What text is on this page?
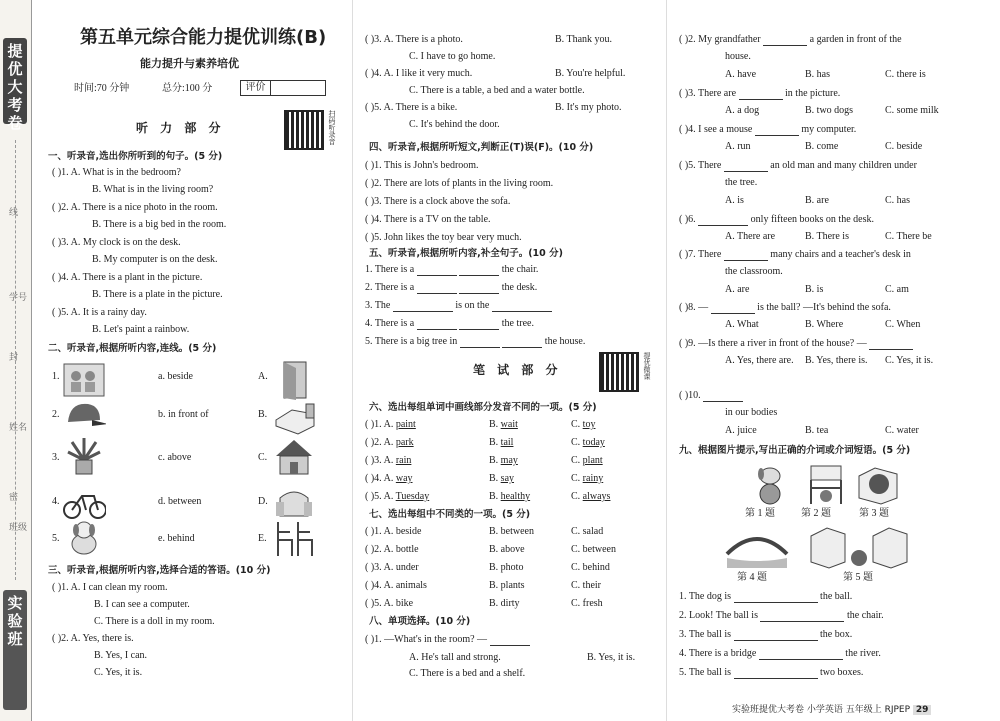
提优大考卷
线
学号
封
姓名
密
班级
实验班
第五单元综合能力提优训练(B)
能力提升与素养培优
时间:70 分钟	总分:100 分	评价
听 力 部 分	扫码听录音
一、听录音,选出你所听到的句子。(5 分)
( )1. A. What is in the bedroom?
B. What is in the living room?
( )2. A. There is a nice photo in the room.
B. There is a big bed in the room.
( )3. A. My clock is on the desk.
B. My computer is on the desk.
( )4. A. There is a plant in the picture.
B. There is a plate in the picture.
( )5. A. It is a rainy day.
B. Let's paint a rainbow.
二、听录音,根据所听内容,连线。(5 分)
1.	a. beside	A.
2.	b. in front of	B.
3.	c. above	C.
4.	d. between	D.
5.	e. behind	E.
三、听录音,根据所听内容,选择合适的答语。(10 分)
( )1. A. I can clean my room.
B. I can see a computer.
C. There is a doll in my room.
( )2. A. Yes, there is.
B. Yes, I can.
C. Yes, it is.
( )3. A. There is a photo.	B. Thank you.
C. I have to go home.
( )4. A. I like it very much.	B. You're helpful.
C. There is a table, a bed and a water bottle.
( )5. A. There is a bike.	B. It's my photo.
C. It's behind the door.
四、听录音,根据所听短文,判断正(T)误(F)。(10 分)
( )1. This is John's bedroom.
( )2. There are lots of plants in the living room.
( )3. There is a clock above the sofa.
( )4. There is a TV on the table.
( )5. John likes the toy bear very much.
五、听录音,根据所听内容,补全句子。(10 分)
1. There is a	the chair.
2. There is a	the desk.
3. The	is on the
4. There is a	the tree.
5. There is a big tree in	the house.
笔 试 部 分	提优微课
六、选出每组单词中画线部分发音不同的一项。(5 分)
( )1. A. paint	B. wait	C. toy
( )2. A. park	B. tail	C. today
( )3. A. rain	B. may	C. plant
( )4. A. way	B. say	C. rainy
( )5. A. Tuesday	B. healthy	C. always
七、选出每组中不同类的一项。(5 分)
( )1. A. beside	B. between	C. salad
( )2. A. bottle	B. above	C. between
( )3. A. under	B. photo	C. behind
( )4. A. animals	B. plants	C. their
( )5. A. bike	B. dirty	C. fresh
八、单项选择。(10 分)
( )1. —What's in the room? —
A. He's tall and strong.	B. Yes, it is.
C. There is a bed and a shelf.
( )2. My grandfather	a garden in front of the
house.
A. have	B. has	C. there is
( )3. There are	in the picture.
A. a dog	B. two dogs	C. some milk
( )4. I see a mouse	my computer.
A. run	B. come	C. beside
( )5. There	an old man and many children under
the tree.
A. is	B. are	C. has
( )6.	only fifteen books on the desk.
A. There are	B. There is	C. There be
( )7. There	many chairs and a teacher's desk in
the classroom.
A. are	B. is	C. am
( )8. —	is the ball? —It's behind the sofa.
A. What	B. Where	C. When
( )9. —Is there a river in front of the house? —
A. Yes, there are. B. Yes, there is. C. Yes, it is.
( )10.
in our bodies
A. juice	B. tea	C. water
九、根据图片提示,写出正确的介词或介词短语。(5 分)
第 1 题	第 2 题	第 3 题
第 4 题	第 5 题
1. The dog is	the ball.
2. Look! The ball is	the chair.
3. The ball is	the box.
4. There is a bridge	the river.
5. The ball is	two boxes.
实验班提优大考卷 小学英语 五年级上 RJPEP 29
